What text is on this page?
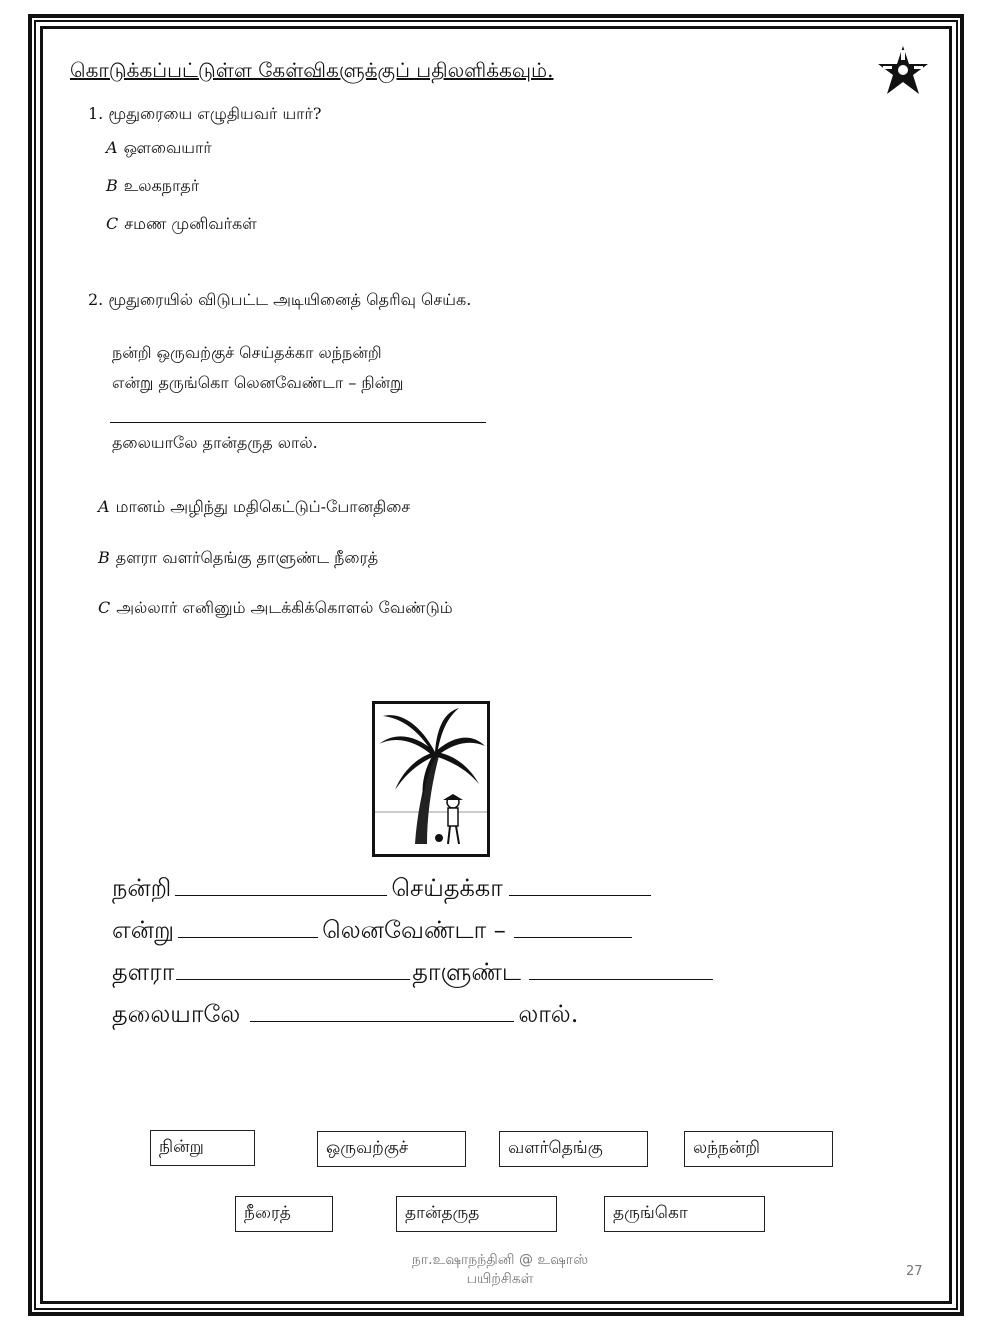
கொடுக்கப்பட்டுள்ள கேள்விகளுக்குப் பதிலளிக்கவும்.
1. மூதுரையை எழுதியவர் யார்?
A ஔவையார்
B உலகநாதர்
C சமண முனிவர்கள்
2. மூதுரையில் விடுபட்ட அடியினைத் தெரிவு செய்க.
நன்றி ஒருவற்குச் செய்தக்கா லந்நன்றி
என்று தருங்கொ லெனவேண்டா – நின்று
தலையாலே தான்தருத லால்.
A மானம் அழிந்து மதிகெட்டுப்-போனதிசை
B தளரா வளர்தெங்கு தாளுண்ட நீரைத்
C அல்லார் எனினும் அடக்கிக்கொளல் வேண்டும்
நன்றி	செய்தக்கா
என்று	லெனவேண்டா –
தளரா	தாளுண்ட
தலையாலே	லால்.
நின்று	ஒருவற்குச்	வளர்தெங்கு	லந்நன்றி
நீரைத்	தான்தருத	தருங்கொ
நா.உஷாநந்தினி @ உஷாஸ்
பயிற்சிகள்	27
